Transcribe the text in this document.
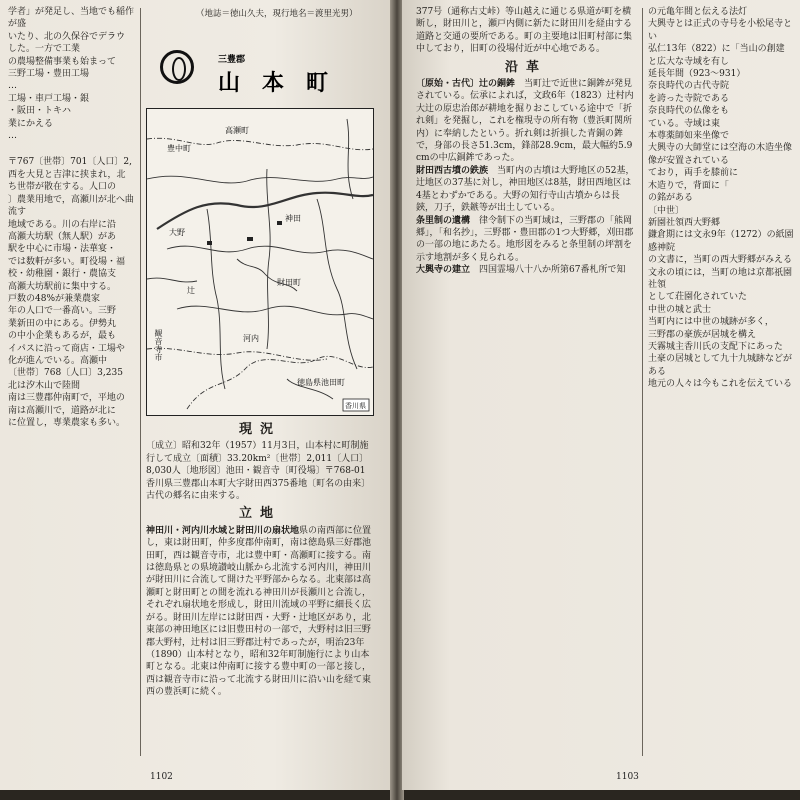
学者」が発足し、当地でも稲作が盛

いたり、北の久保谷でデラウ

した。一方で工業

の農場整備事業も始まって

三野工場・豊田工場

…

工場・車戸工場・銀

・阪田・トキハ

業にかえる

…

〒767〔世帯〕701〔人口〕2,

西を大見と吉津に挟まれ，北

ち世帯が散在する。人口の

〕農業用地で，高瀬川が北へ曲流す

地域である。川の右岸に沿

高瀬大坊駅（無人駅）があ

駅を中心に市場・法華宴・

では数軒が多い。町役場・福

校・幼稚園・銀行・農協支

高瀬大坊駅前に集中する。

戸数の48%が兼業農家

年の人口で一番高い。三野

業新田の中にある。伊勢丸

の中小企業もあるが，最も

イパスに沿って商店・工場や

化が進んでいる。高瀬中

〔世帯〕768〔人口〕3,235

北は汐木山で陸間

南は三豊郡仲南町で，平地の

南は高瀬川で，道路が北に

に位置し，専業農家も多い。

（地誌＝徳山久夫，現行地名＝渡里光男）

三豊郡
山本町
高瀬町
豊中町
観音寺市
大野
辻
河内
神田
財田町
徳島県池田町
香川県
現況

〔成立〕昭和32年（1957）11月3日，山本村に町制施行して成立〔面積〕33.20km²〔世帯〕2,011〔人口〕8,030人〔地形図〕池田・観音寺〔町役場〕〒768-01 香川県三豊郡山本町大字財田西375番地〔町名の由来〕古代の郷名に由来する。

立地

神田川・河内川水域と財田川の扇状地県の南西部に位置し，東は財田町，仲多度郡仲南町，南は徳島県三好郡池田町，西は観音寺市，北は豊中町・高瀬町に接する。南は徳島県との県境讃岐山脈から北流する河内川，神田川が財田川に合流して開けた平野部からなる。北東部は高瀬町と財田町との間を流れる神田川が長瀬川と合流し，それぞれ扇状地を形成し，財田川流域の平野に細長く広がる。財田川左岸には財田西・大野・辻地区があり，北東部の神田地区には旧豊田村の一部で，大野村は旧三野郡大野村，辻村は旧三野郡辻村であったが，明治23年（1890）山本村となり，昭和32年町制施行により山本町となる。北東は仲南町に接する豊中町の一部と接し，西は観音寺市に沿って北流する財田川に沿い山を経て東西の豊浜町に続く。

1102

377号（通称古丈峠）等山越えに通じる県道が町を横断し，財田川と，瀬戸内側に新たに財田川を経由する道路と交通の要所である。町の主要地は旧町村部に集中しており，旧町の役場付近が中心地である。

沿革

〔原始・古代〕辻の銅鉾　 当町辻で近世に銅鉾が発見されている。伝承によれば，文政6年（1823）辻村内大辻の原忠治郎が耕地を掘りおこしている途中で「折れ剣」を発掘し，これを権現寺の所有物（豊浜町関所内）に奉納したという。折れ剣は折損した青銅の鉾で，身部の長さ51.3cm，鋒部28.9cm，最大幅約5.9cmの中広銅鉾であった。

財田西古墳の鉄族　 当町内の古墳は大野地区の52基，辻地区の37基に対し，神田地区は8基，財田西地区は4基とわずかである。大野の知行寺山古墳からは長鋏，刀子，鉄鏃等が出土している。

条里制の遺構　 律令制下の当町域は，三野郡の「熊岡郷」，「和名抄」，三野郡・豊田郡の1つ大野郷，刈田郡の一部の地にあたる。地形図をみると条里制の坪割を示す地割が多く見られる。

大興寺の建立　 四国霊場八十八か所第67番札所で知

の元亀年間と伝える法灯

大興寺とは正式の寺号を小松尾寺とい

弘仁13年（822）に「当山の創建

と広大な寺域を有し

延長年間（923〜931）

奈良時代の古代寺院

を誇った寺院である

奈良時代の仏像をも

ている。寺域は東

本尊薬師如来坐像で

大興寺の大師堂には空海の木造坐像

像が安置されている

ており，両手を膝前に

木造りで，背面に「

の銘がある

〔中世〕

新園社領西大野郷

鎌倉期には文永9年（1272）の紙園感神院

の文書に，当町の西大野郷がみえる

文永の頃には，当町の地は京都祇園社領

として荘園化されていた

中世の城と武士

当町内には中世の城跡が多く，

三野郡の豪族が居城を構え

天霧城主香川氏の支配下にあった

土豪の居城として九十九城跡などがある

地元の人々は今もこれを伝えている

1103
